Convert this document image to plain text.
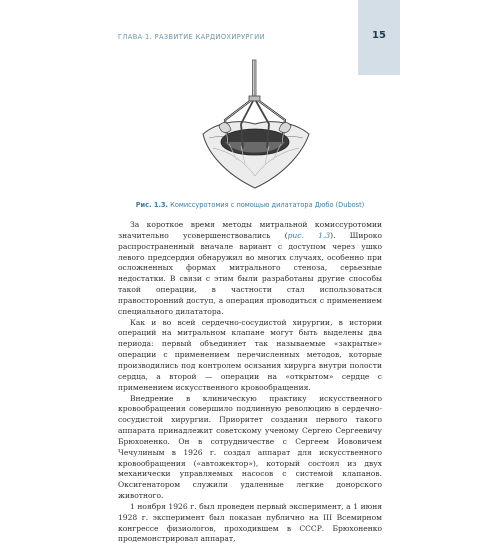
ГЛАВА 1. РАЗВИТИЕ КАРДИОХИРУРГИИ	15
Рис. 1.3. Комиссуротомия с помощью дилататора Дюбо (Dubost)

За короткое время методы митральной комиссуротомии значительно усовершенствовались (рис. 1.3). Широко распространенный вначале вариант с доступом через ушко левого предсердия обнаружил во многих случаях, особенно при осложненных формах митрального стеноза, серьезные недостатки. В связи с этим были разработаны другие способы такой операции, в частности стал использоваться правосторонний доступ, а операция проводиться с применением специального дилататора.

Как и во всей сердечно-сосудистой хирургии, в истории операций на митральном клапане могут быть выделены два периода: первый объединяет так называемые «закрытые» операции с применением перечисленных методов, которые производились под контролем осязания хирурга внутри полости сердца, а второй — операции на «открытом» сердце с применением искусственного кровообращения.

Внедрение в клиническую практику искусственного кровообращения совершило подлинную революцию в сердечно-сосудистой хирургии. Приоритет создания первого такого аппарата принадлежит советскому ученому Сергею Сергеевичу Брюхоненко. Он в сотрудничестве с Сергеем Иововичем Чечулиным в 1926 г. создал аппарат для искусственного кровообращения («автожектор»), который состоял из двух механически управляемых насосов с системой клапанов. Оксигенатором служили удаленные легкие донорского животного.

1 ноября 1926 г. был проведен первый эксперимент, а 1 июня 1928 г. эксперимент был показан публично на III Всемирном конгрессе физиологов, проходившем в СССР. Брюхоненко продемонстрировал аппарат,
